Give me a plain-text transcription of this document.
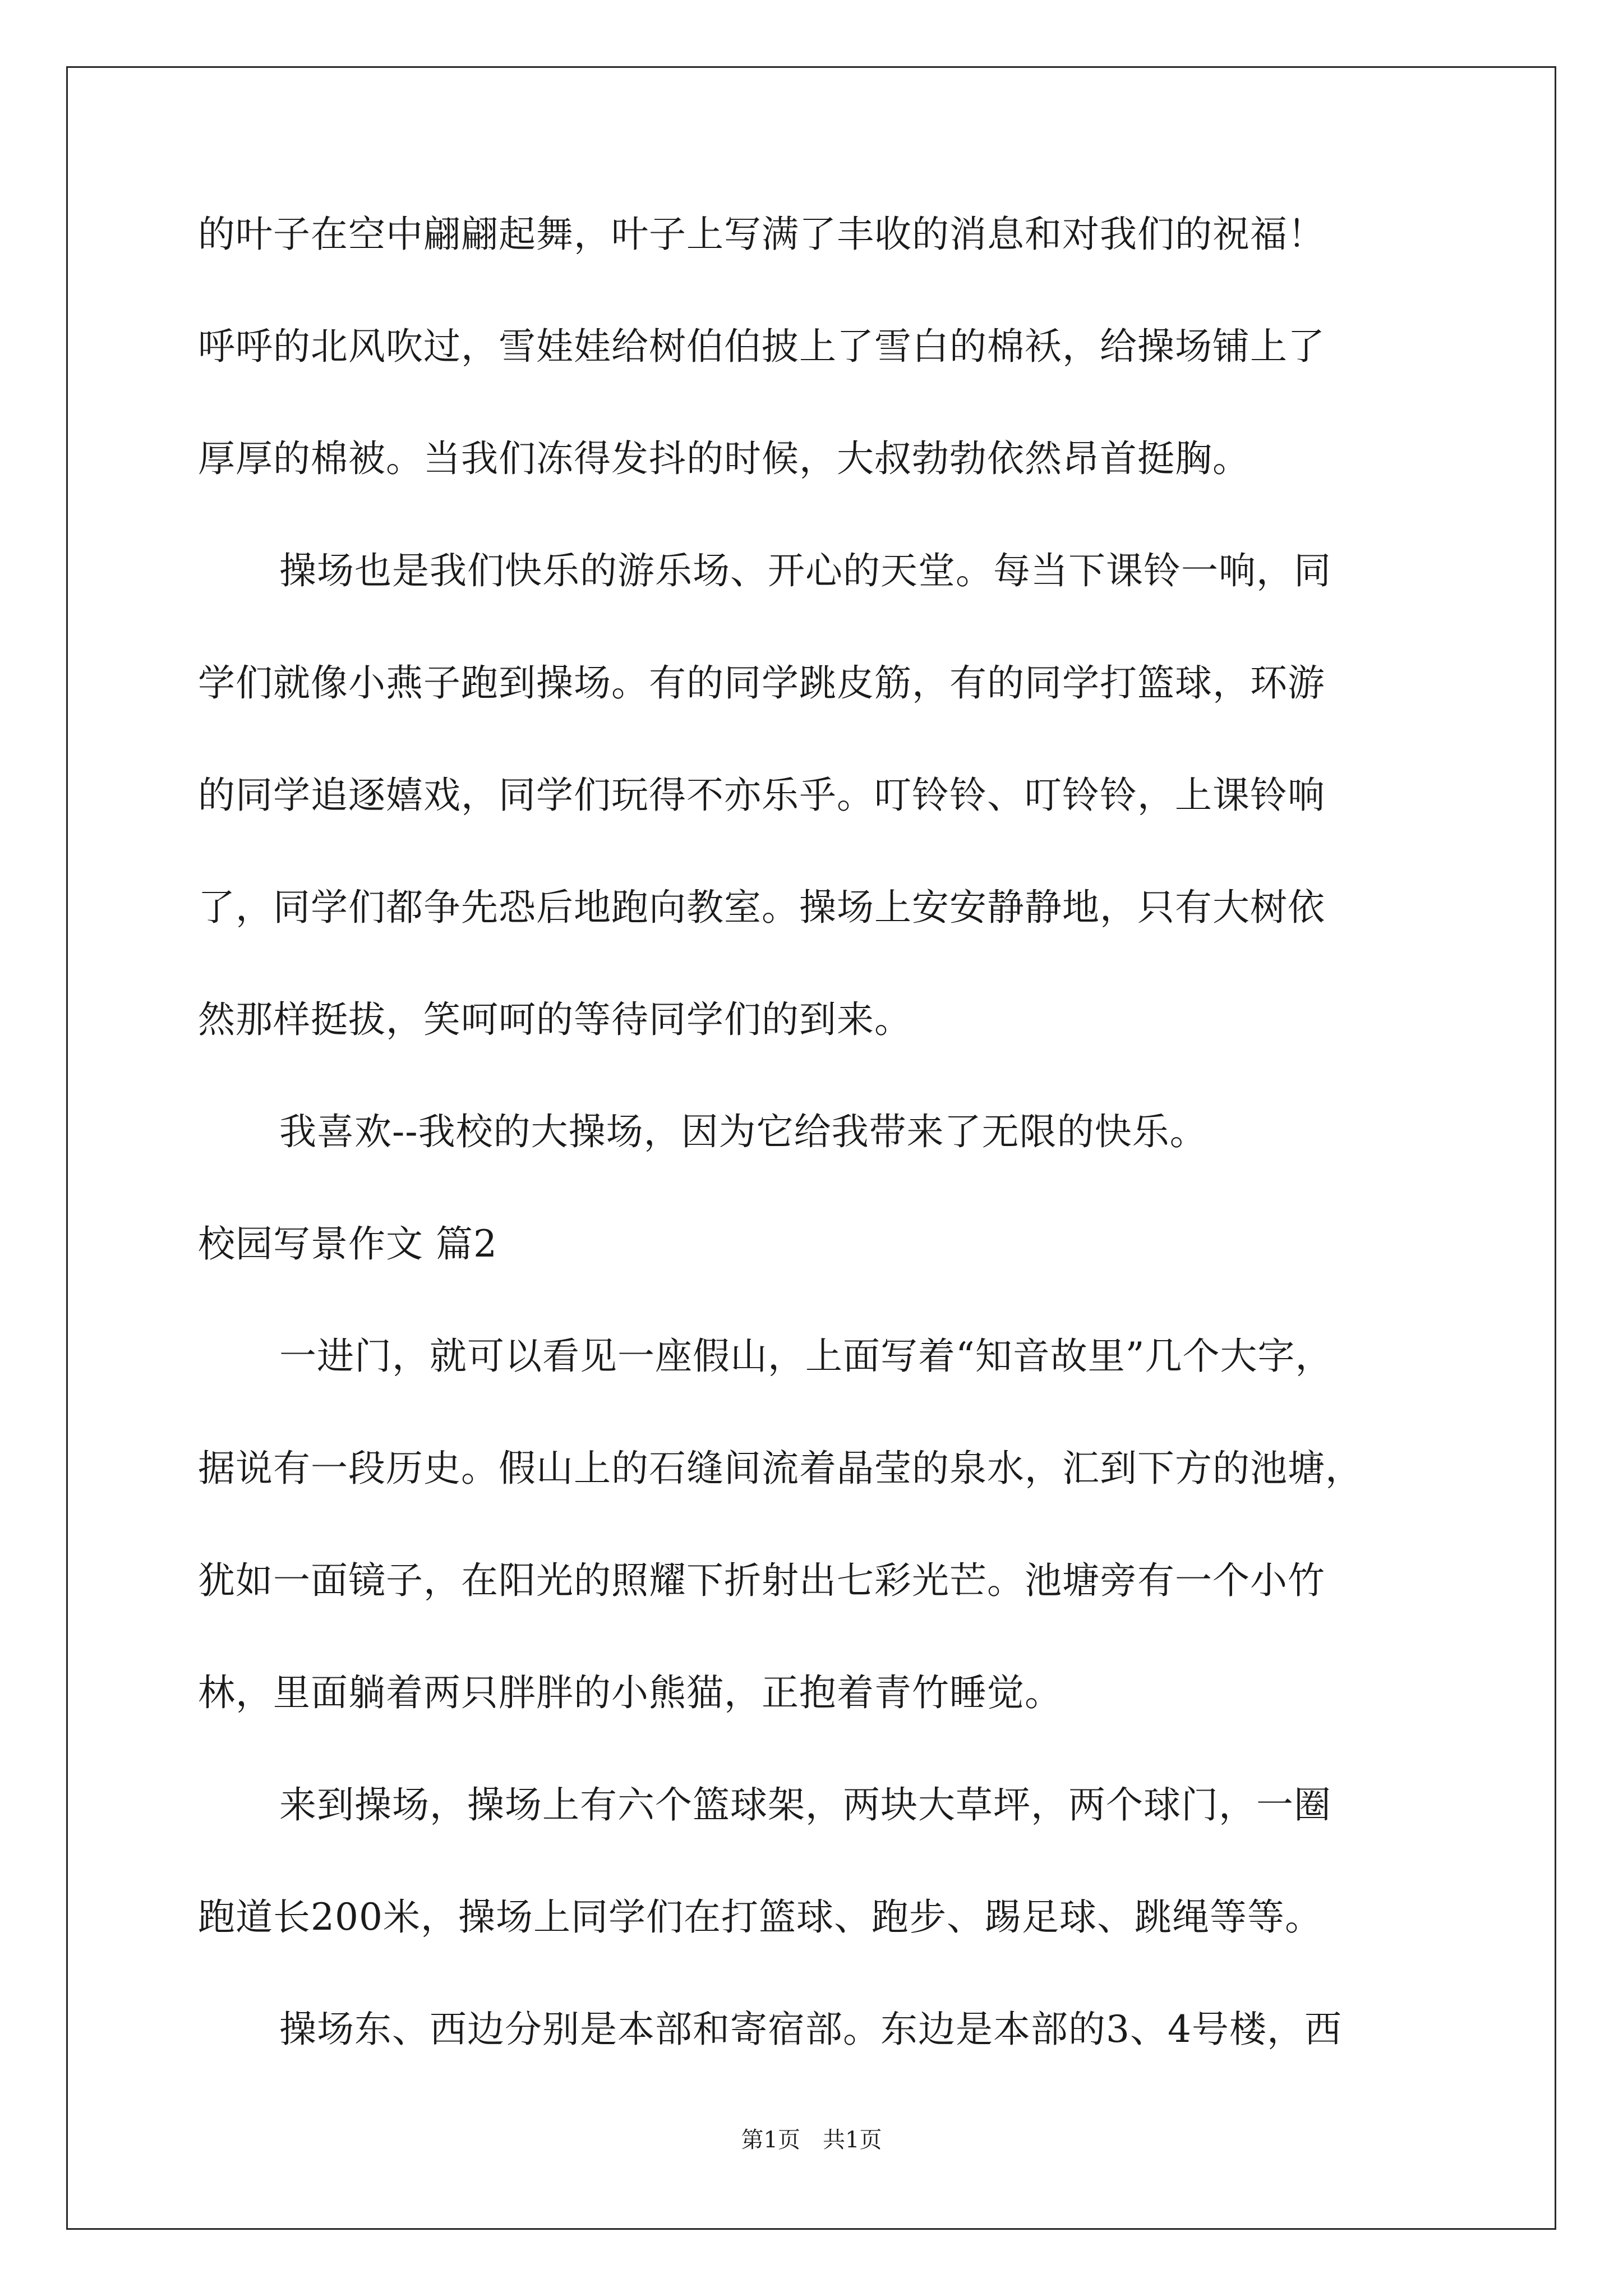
的叶子在空中翩翩起舞，叶子上写满了丰收的消息和对我们的祝福！
呼呼的北风吹过，雪娃娃给树伯伯披上了雪白的棉袄，给操场铺上了
厚厚的棉被。当我们冻得发抖的时候，大叔勃勃依然昂首挺胸。
操场也是我们快乐的游乐场、开心的天堂。每当下课铃一响，同
学们就像小燕子跑到操场。有的同学跳皮筋，有的同学打篮球，环游
的同学追逐嬉戏，同学们玩得不亦乐乎。叮铃铃、叮铃铃，上课铃响
了，同学们都争先恐后地跑向教室。操场上安安静静地，只有大树依
然那样挺拔，笑呵呵的等待同学们的到来。
我喜欢--我校的大操场，因为它给我带来了无限的快乐。
校园写景作文 篇2
一进门，就可以看见一座假山，上面写着“知音故里”几个大字，
据说有一段历史。假山上的石缝间流着晶莹的泉水，汇到下方的池塘，
犹如一面镜子，在阳光的照耀下折射出七彩光芒。池塘旁有一个小竹
林，里面躺着两只胖胖的小熊猫，正抱着青竹睡觉。
来到操场，操场上有六个篮球架，两块大草坪，两个球门，一圈
跑道长200米，操场上同学们在打篮球、跑步、踢足球、跳绳等等。
操场东、西边分别是本部和寄宿部。东边是本部的3、4号楼，西
第1页　共1页
